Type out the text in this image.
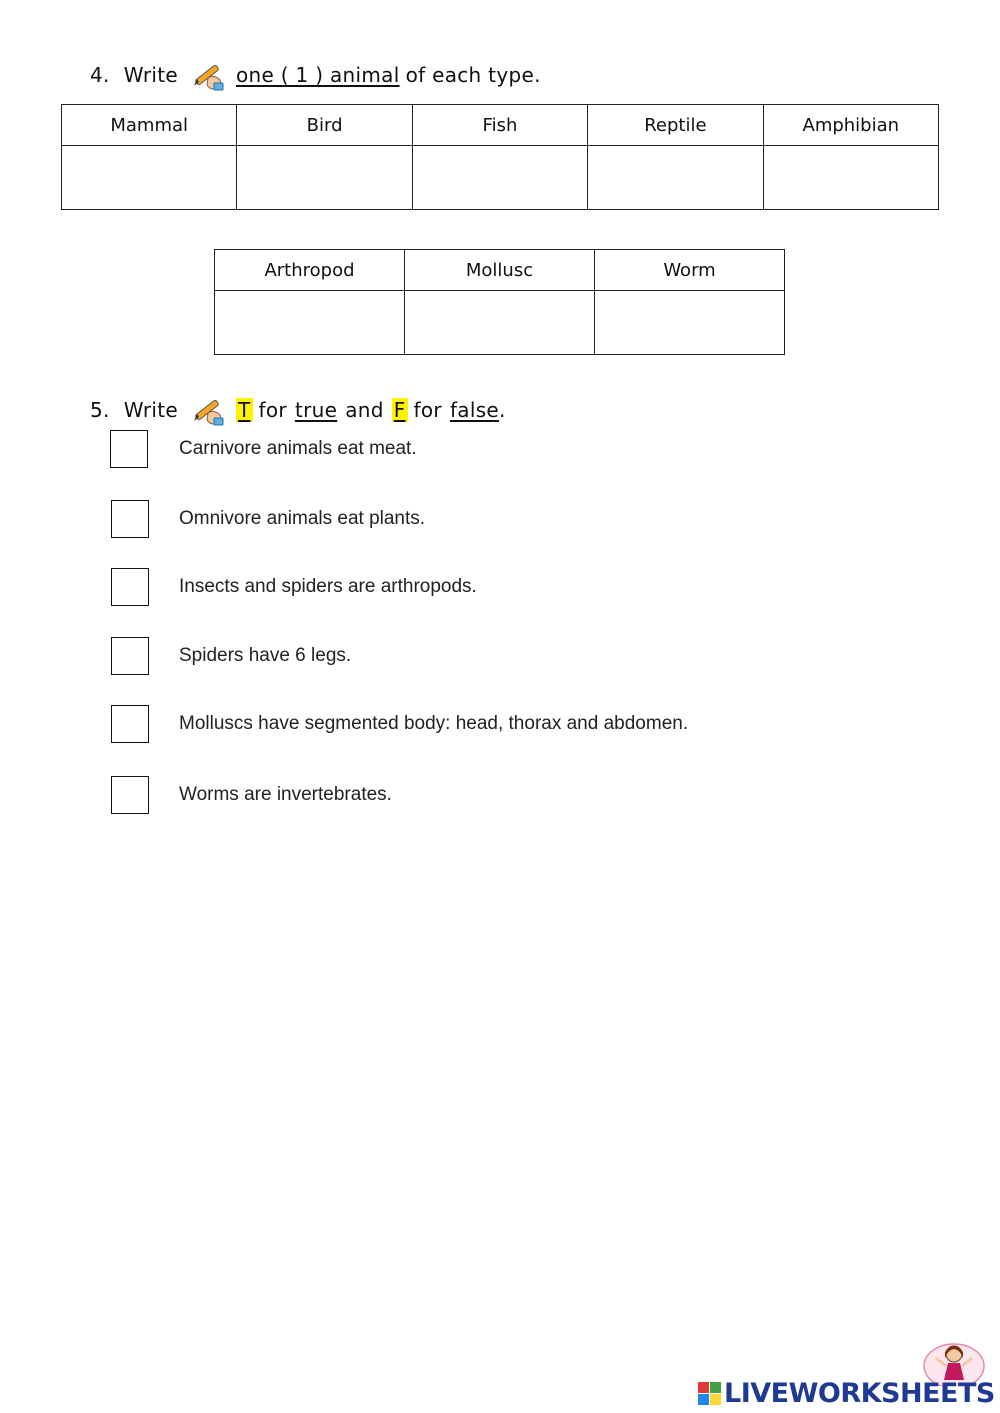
4. Write	one ( 1 ) animal of each type.
Mammal	Bird	Fish	Reptile	Amphibian

Arthropod	Mollusc	Worm

5. Write	T for true and F for false .
Carnivore animals eat meat.
Omnivore animals eat plants.
Insects and spiders are arthropods.
Spiders have 6 legs.
Molluscs have segmented body: head, thorax and abdomen.
Worms are invertebrates.
LIVEWORKSHEETS
